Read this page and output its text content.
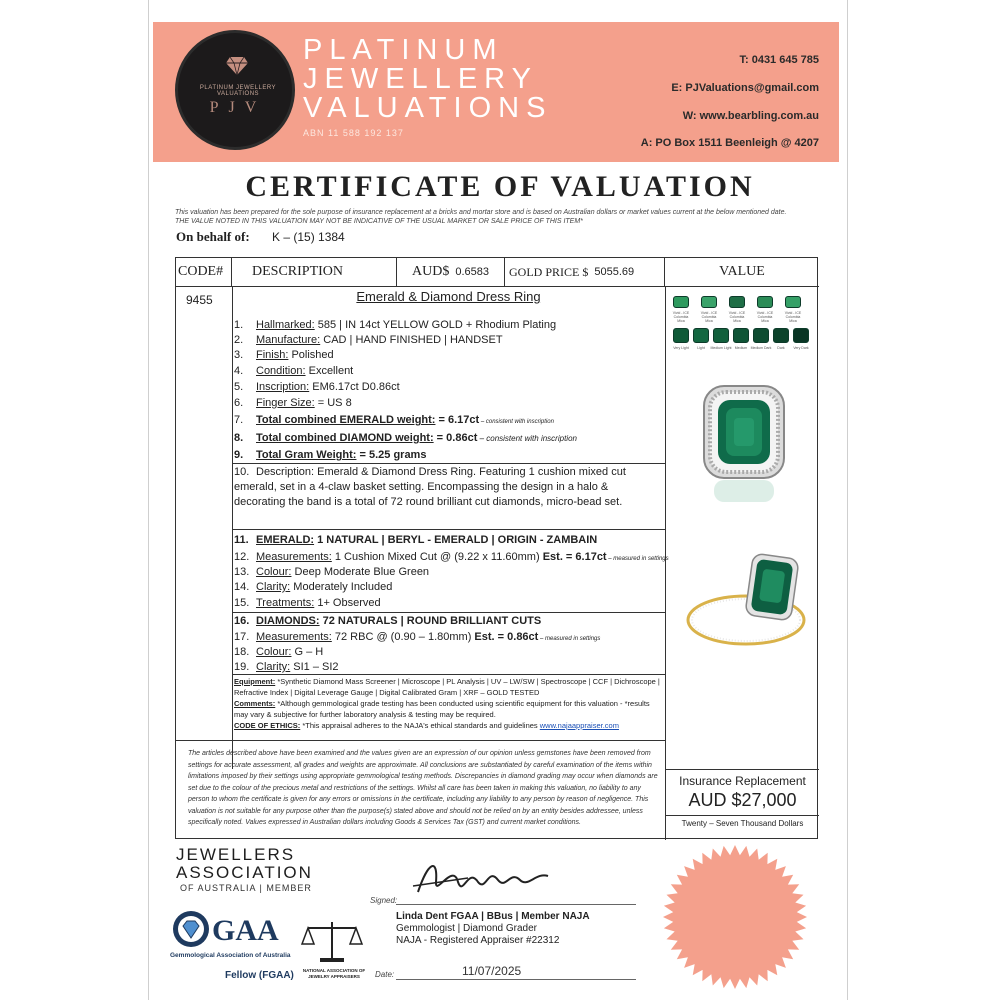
PLATINUM JEWELLERY VALUATIONS
PJV
PLATINUM
JEWELLERY
VALUATIONS
ABN 11 588 192 137
T: 0431 645 785
E: PJValuations@gmail.com
W: www.bearbling.com.au
A: PO Box 1511 Beenleigh @ 4207
CERTIFICATE OF VALUATION
This valuation has been prepared for the sole purpose of insurance replacement at a bricks and mortar store and is based on Australian dollars or market values current at the below mentioned date.
THE VALUE NOTED IN THIS VALUATION MAY NOT BE INDICATIVE OF THE USUAL MARKET OR SALE PRICE OF THIS ITEM*
On behalf of: K – (15) 1384
CODE#	DESCRIPTION	AUD$ 0.6583 GOLD PRICE $ 5055.69	VALUE
9455	Emerald & Diamond Dress Ring
1. Hallmarked: 585 | IN 14ct YELLOW GOLD + Rhodium Plating
2. Manufacture: CAD | HAND FINISHED | HANDSET
3. Finish: Polished
4. Condition: Excellent
5. Inscription: EM6.17ct D0.86ct
6. Finger Size: = US 8
7. Total combined EMERALD weight: = 6.17ct – consistent with inscription
8. Total combined DIAMOND weight: = 0.86ct – consistent with inscription
9. Total Gram Weight: = 5.25 grams
10. Description: Emerald & Diamond Dress Ring. Featuring 1 cushion mixed cut emerald, set in a 4-claw basket setting. Encompassing the design in a halo & decorating the band is a total of 72 round brilliant cut diamonds, micro-bead set.
11. EMERALD: 1 NATURAL | BERYL - EMERALD | ORIGIN - ZAMBAIN
12. Measurements: 1 Cushion Mixed Cut @ (9.22 x 11.60mm) Est. = 6.17ct – measured in settings
13. Colour: Deep Moderate Blue Green
14. Clarity: Moderately Included
15. Treatments: 1+ Observed
16. DIAMONDS: 72 NATURALS | ROUND BRILLIANT CUTS
17. Measurements: 72 RBC @ (0.90 – 1.80mm) Est. = 0.86ct – measured in settings
18. Colour: G – H
19. Clarity: SI1 – SI2
Equipment: *Synthetic Diamond Mass Screener | Microscope | PL Analysis | UV – LW/SW | Spectroscope | CCF | Dichroscope | Refractive Index | Digital Leverage Gauge | Digital Calibrated Gram | XRF – GOLD TESTED
Comments: *Although gemmological grade testing has been conducted using scientific equipment for this valuation - *results may vary & subjective for further laboratory analysis & testing may be required.
CODE OF ETHICS: *This appraisal adheres to the NAJA's ethical standards and guidelines www.najaappraiser.com
The articles described above have been examined and the values given are an expression of our opinion unless gemstones have been removed from settings for accurate assessment, all grades and weights are approximate. All conclusions are substantiated by careful examination of the items within limitations imposed by their settings using appropriate gemmological testing methods. Discrepancies in diamond grading may occur when diamonds are set due to the colour of the precious metal and restrictions of the settings. Whilst all care has been taken in making this valuation, no liability to any person to whom the certificate is given for any errors or omissions in the certificate, including any liability to any person by reason of negligence. This valuation is not suitable for any purpose other than the purpose(s) stated above and should not be relied on by an entity besides addressee, unless specifically noted. Values expressed in Australian dollars including Goods & Services Tax (GST) and current market conditions.
Vivid - ICE Colombia Mica
Vivid - ICE Colombia Mica
Vivid - ICE Colombia Mica
Vivid - ICE Colombia Mica
Vivid - ICE Colombia Mica
Very Light	Light	Medium Light Medium Medium Dark	Dark	Very Dark
Insurance Replacement
AUD $27,000
Twenty – Seven Thousand Dollars
JEWELLERS
ASSOCIATION
OF AUSTRALIA | MEMBER
GAA
Gemmological Association of Australia
Fellow (FGAA)	NATIONAL ASSOCIATION OF JEWELRY APPRAISERS
Signed:
Linda Dent FGAA | BBus | Member NAJA
Gemmologist | Diamond Grader
NAJA - Registered Appraiser #22312
Date:	11/07/2025
